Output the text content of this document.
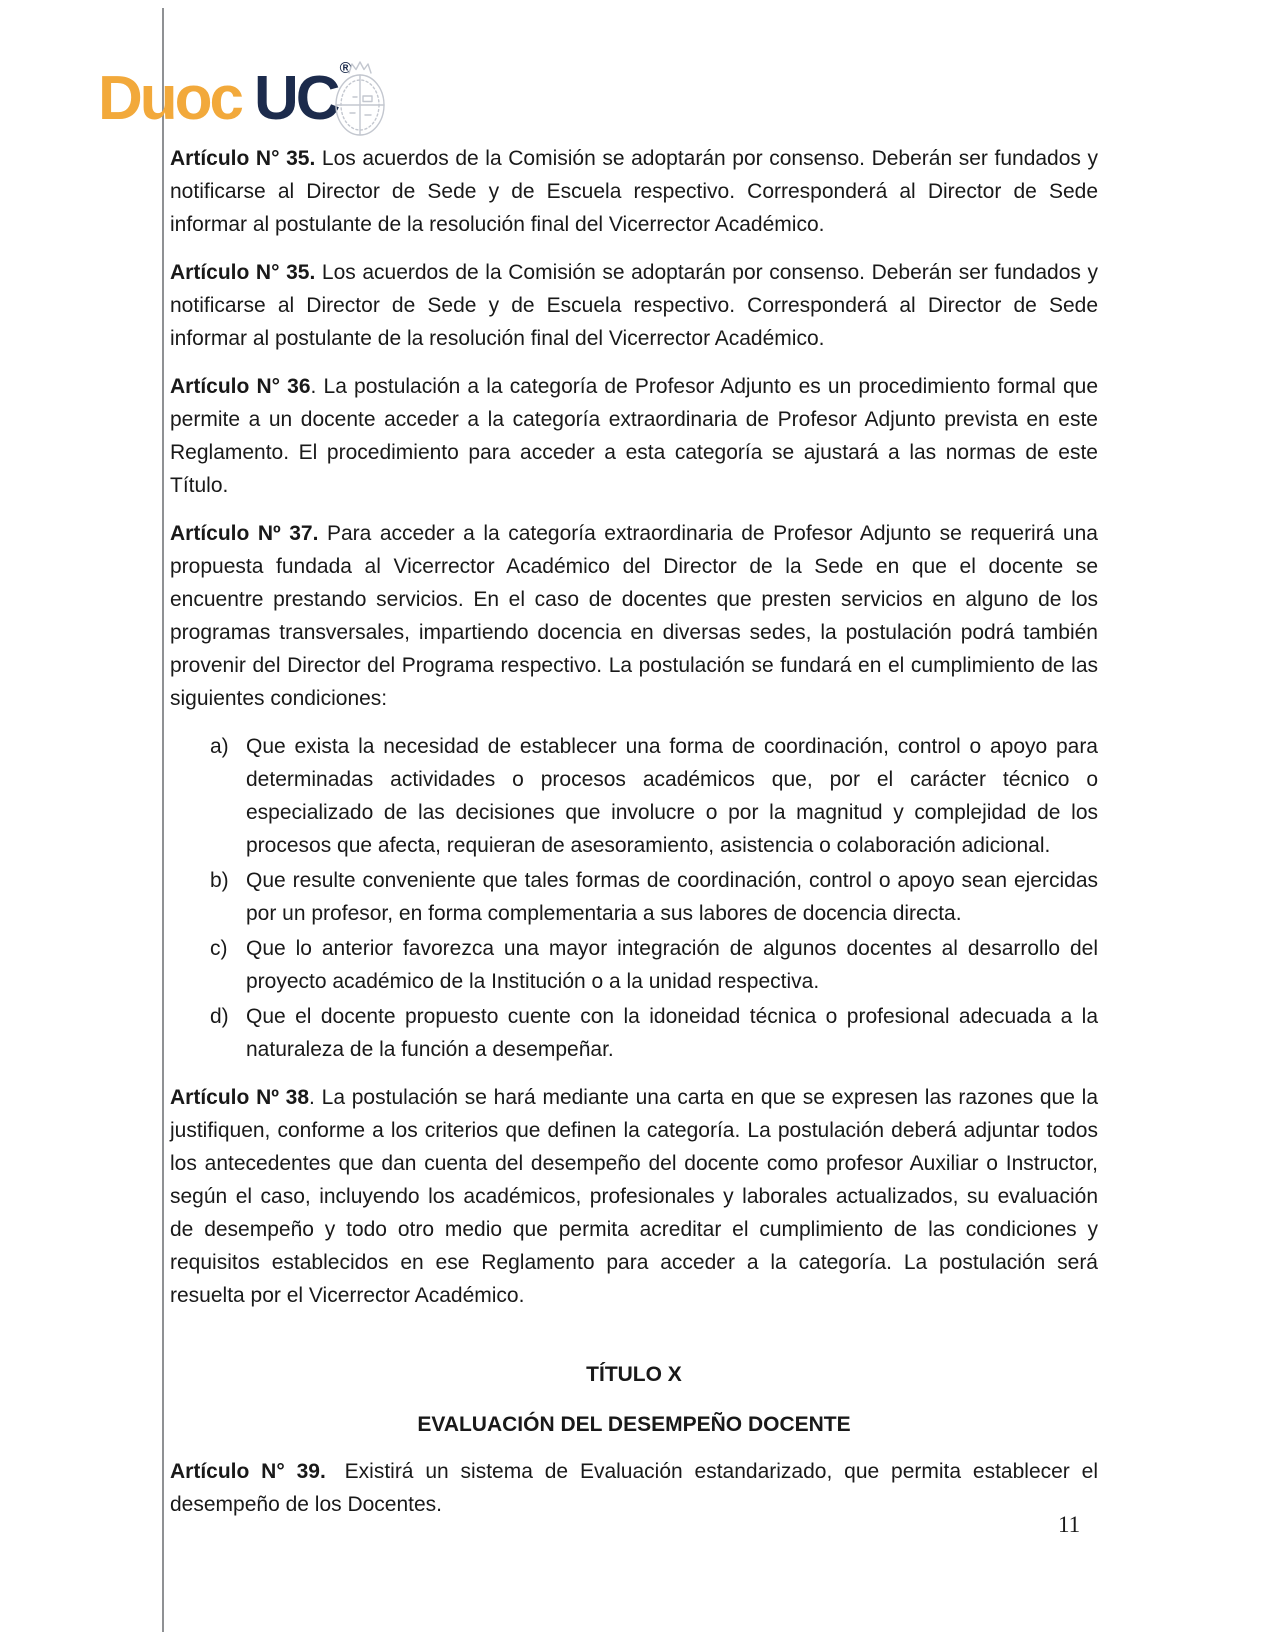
Duoc UC ®

Artículo N° 35. Los acuerdos de la Comisión se adoptarán por consenso. Deberán ser fundados y notificarse al Director de Sede y de Escuela respectivo. Corresponderá al Director de Sede informar al postulante de la resolución final del Vicerrector Académico.

Artículo N° 35. Los acuerdos de la Comisión se adoptarán por consenso. Deberán ser fundados y notificarse al Director de Sede y de Escuela respectivo. Corresponderá al Director de Sede informar al postulante de la resolución final del Vicerrector Académico.

Artículo N° 36. La postulación a la categoría de Profesor Adjunto es un procedimiento formal que permite a un docente acceder a la categoría extraordinaria de Profesor Adjunto prevista en este Reglamento. El procedimiento para acceder a esta categoría se ajustará a las normas de este Título.

Artículo Nº 37. Para acceder a la categoría extraordinaria de Profesor Adjunto se requerirá una propuesta fundada al Vicerrector Académico del Director de la Sede en que el docente se encuentre prestando servicios. En el caso de docentes que presten servicios en alguno de los programas transversales, impartiendo docencia en diversas sedes, la postulación podrá también provenir del Director del Programa respectivo. La postulación se fundará en el cumplimiento de las siguientes condiciones:

a) Que exista la necesidad de establecer una forma de coordinación, control o apoyo para determinadas actividades o procesos académicos que, por el carácter técnico o especializado de las decisiones que involucre o por la magnitud y complejidad de los procesos que afecta, requieran de asesoramiento, asistencia o colaboración adicional.
b) Que resulte conveniente que tales formas de coordinación, control o apoyo sean ejercidas por un profesor, en forma complementaria a sus labores de docencia directa.
c) Que lo anterior favorezca una mayor integración de algunos docentes al desarrollo del proyecto académico de la Institución o a la unidad respectiva.
d) Que el docente propuesto cuente con la idoneidad técnica o profesional adecuada a la naturaleza de la función a desempeñar.

Artículo Nº 38. La postulación se hará mediante una carta en que se expresen las razones que la justifiquen, conforme a los criterios que definen la categoría. La postulación deberá adjuntar todos los antecedentes que dan cuenta del desempeño del docente como profesor Auxiliar o Instructor, según el caso, incluyendo los académicos, profesionales y laborales actualizados, su evaluación de desempeño y todo otro medio que permita acreditar el cumplimiento de las condiciones y requisitos establecidos en ese Reglamento para acceder a la categoría. La postulación será resuelta por el Vicerrector Académico.

TÍTULO X
EVALUACIÓN DEL DESEMPEÑO DOCENTE

Artículo N° 39. Existirá un sistema de Evaluación estandarizado, que permita establecer el desempeño de los Docentes.

11
